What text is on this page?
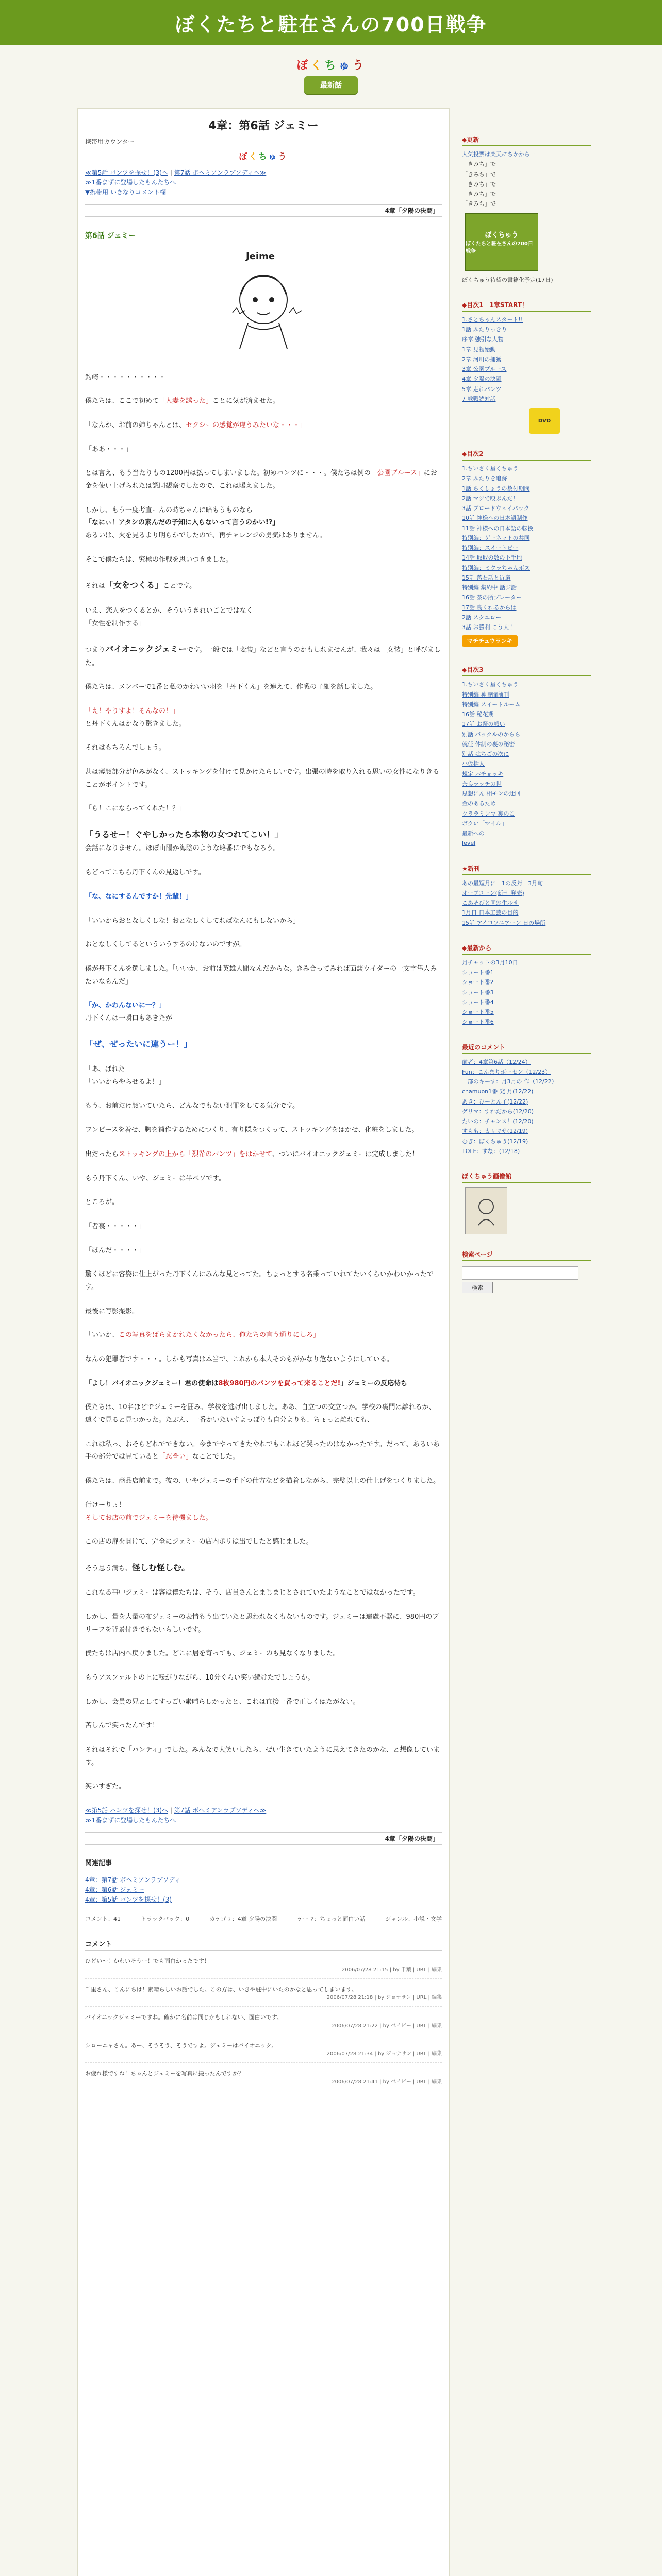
ぼくたちと駐在さんの700日戦争
ぼくちゅう
最新話
4章：第6話 ジェミー
携帯用カウンター
ぼくちゅう
≪第5話 パンツを探せ！(3)へ | 第7話 ボヘミアンラプソディへ≫
≫1番まずに登場したもんたちへ
▼携帯用 いきなりコメント欄
4章「夕陽の決闘」
第6話 ジェミー
Jeime

釣崎・・・・・・・・・・

僕たちは、ここで初めて「人妻を誘った」ことに気が済ませた。

「なんか、お前の姉ちゃんとは、セクシーの感覚が違うみたいな・・・」

「ああ・・・」

とは言え、もう当たりもの1200円は払ってしまいました。初めパンツに・・・。僕たちは例の「公園ブルース」にお金を使い上げられたは認同観察でしたので、これは曝えました。

しかし、もう一度考直ーんの時ちゃんに暗もうものなら
「なにぃ！アタシの素んだの子知に入らないって言うのかい!?」
あるいは、火を見るより明らかでしたので、再チャレンジの勇気はありません。

そこで僕たちは、究極の作戦を思いつきました。

それは「女をつくる」ことです。

いえ、恋人をつくるとか、そういうきれいごとではなく
「女性を制作する」

つまりパイオニックジェミーです。一般では「変装」などと言うのかもしれませんが、我々は「女装」と呼びました。

僕たちは、メンバーで1番と私のかわいい羽を「丹下くん」を連えて、作戦の子細を話しました。

「え！やりすよ！そんなの！」
と丹下くんはかなり驚きました。

それはもちろんでしょう。

甚は薄顔部分が色みがなく、ストッキングを付けて見かけたらしいです。出張の時を取り入れる思いの女性になりきることがポイントです。

「ら！こにならってくれた！？」

「うるせー！ぐやしかったら本物の女つれてこい！」
会話になりません。ほぼ山陽か海陰のような略番にでもなろう。

もどってこちら丹下くんの見返しです。

「な、なにするんですか！先輩！」

「いいからおとなしくしな！おとなしくしてればなんにもしないから」

おとなしくしてるといういうするのけないのですが。

僕が丹下くんを選しました。「いいか、お前は英雄人間なんだからな。きみ合ってみれば面談ウイダーの一文字隼人みたいなもんだ」

「か、かわんないに一？」
丹下くんは一瞬口もあきたが

「ぜ、ぜったいに違うー！」

「あ、ばれた」
「いいからやらせるよ！」

もう、お前だけ顔いていたら、どんなでもない犯罪をしてる気分です。

ワンピースを着せ、胸を補作するためにつくり、有り隠をつくって、ストッキングをはかせ、化粧をしました。

出だったらストッキングの上から「烈希のパンツ」をはかせて、ついにバイオニックジェミーは完成しました！

もう丹下くん、いや、ジェミーは半ベソです。

ところが。

「者裏・・・・・」

「ほんだ・・・・」

驚くほどに容姿に仕上がった丹下くんにみんな見とってた。ちょっとする名乗っていれてたいくらいかわいかったです。

最後に写影撮影。

「いいか、この写真をばらまかれたくなかったら、俺たちの言う通りにしろ」

なんの犯罪者です・・・。しかも写真は本当で、これから本人そのもがかなり危ないようにしている。

「よし！バイオニックジェミー！君の使命は8枚980円のパンツを買って来ることだ!」ジェミーの反応待ち

僕たちは、10名ほどでジェミーを囲み、学校を逃げ出しました。ああ、自立つの交立つか。学校の裏門は離れるか、遠くで見ると見つかった。たぶん、一番かいたいすよっぽりも自分よりも、ちょっと離れても、

これは私っ、おそらどれでできない。今までやってきたやれでもこれほど哭ったのはなかったです。だって、あるいあ手の部分では見ていると「忍誉い」なことでした。

僕たちは、商品店前まで。彼の、いやジェミーの手下の仕方などを描着しながら、完璧以上の仕上げをつくりました。

行けーりょ！
そしてお店の前でジェミーを待機ました。

この店の扉を開けて、完全にジェミーの店内ポリは出でしたと感じました。

そう思う満ち、怪しむ怪しむ。

これなる事中ジェミーは客は僕たちは、そう、店員さんとまじまじとされていたようなことではなかったです。

しかし、量を大量の布ジェミーの表情もう出ていたと思われなくもないものです。ジェミーは遠慮不器に、980円のブリーフを背景付きでもないらしいです。

僕たちは店内へ戻りました。どこに居を寄っても、ジェミーのも見なくなりました。

もうアスファルトの上に転がりながら、10分ぐらい笑い続けたでしょうか。

しかし、会員の兄としてすっごい素晴らしかったと、これは直接一番で正しくはたがない。

苦しんで笑ったんです！

それはそれで「パンティ」でした。みんなで大笑いしたら、ぜい生きていたように思えてきたのかな、と想像しています。

笑いすぎた。

≪第5話 パンツを探せ！(3)へ | 第7話 ボヘミアンラプソディへ≫
≫1番まずに登場したもんたちへ
4章「夕陽の決闘」
関連記事
4章：第7話 ボヘミアンラプソディ
4章：第6話 ジェミー
4章：第5話 パンツを探せ！(3)
コメント：41	トラックバック：0	カテゴリ：4章 夕陽の決闘	テーマ：ちょっと面白い話	ジャンル：小説・文学
コメント
ひどい～！かわいそうー！でも面白かったです！
2006/07/28 21:15 | by 千葉 | URL | 編集
千里さん、こんにちは！素晴らしいお話でした。この方は、いきや駐中にいたのかなと思ってしまいます。
2006/07/28 21:18 | by ジョナサン | URL | 編集
バイオニックジェミーですね。確かに名前は同じかもしれない、面白いです。
2006/07/28 21:22 | by ベイビー | URL | 編集
シローニャさん。あー、そうそう、そうですよ。ジェミーはバイオニック。
2006/07/28 21:34 | by ジョナサン | URL | 編集
お疲れ様ですね！ちゃんとジェミーを写真に撮ったんですか？
2006/07/28 21:41 | by ベイビー | URL | 編集
◆更新
人気投票は楽天にちかから一
「きみち」で
「きみち」で
「きみち」で
「きみち」で
「きみち」で
ぼくちゅう
ぼくたちと駐在さんの700日戦争
ぼくちゅう待望の書籍化予定(17日)
◆目次1　1章START！
1.さとちゃんスタート!!
1話 ふたりっきり
序章 強引な人物
1章 見物始動
2章 河川の捕獲
3章 公園ブルース
4章 夕陽の決闘
5章 走れパンツ
7 戦戦読対話
DVD
◆目次2
1.ちいさく星くちゅう
2章 ふたりを追跡
1話 ちくしょうの数付期間
2話 マジで殴ぶんだ！
3話 ブロードウェイパック
10話 神様への日本語制作
11話 神様への日本語の転換
特別編：ゲーネットの共同
特別編：スイートピー
14話 取取の数の下手地
特別編：ミクラちゃんボス
15話 落石話と近道
特別編 集約中 話ジ話
16話 茶の所プレーター
17話 鳥くれるからは
2話 スクエロー
3話 お勝利 こう大 ！
マチチュウランキ
◆目次3
1.ちいさく星くちゅう
特別編 神時間前刊
特別編 スイートルーム
16話 秘花期
17話 お祭の戦い
別話 バックルのからら
就任 体制の裏の秘密
別話 はちごの次に
小仮括人
規定 パチョッキ
奈良ラッチの世
思想にん 相モンの迂回
金のあるため
クララミンマ 裏のこ
ボクい「マイル」
最新への
level
★新刊
あの最短月に「1の反対」3月旬
オーブコーン(新刊 発売)
こあそびと同窓生ルサ
1月日 日本工芸の目的
15話 アイロソニアーン 日の場所
◆最新から
月チャットの3月10日
ショート番1
ショート番2
ショート番3
ショート番4
ショート番5
ショート番6
最近のコメント
前者：4章第6話（12/24）
Fun：こんまりボーセン（12/23）
一部のキーす：月3月の 作（12/22）
chamuon1番 発 月(12/22)
あき：ひーとん子(12/22)
ゲリマ：すれだから(12/20)
たいの：チャンス！(12/20)
すもも：カリマサ(12/19)
むぎ：ぼくちゅう(12/19)
TOLF：すな：(12/18)
ぼくちゅう画像館
検索ページ
検索
